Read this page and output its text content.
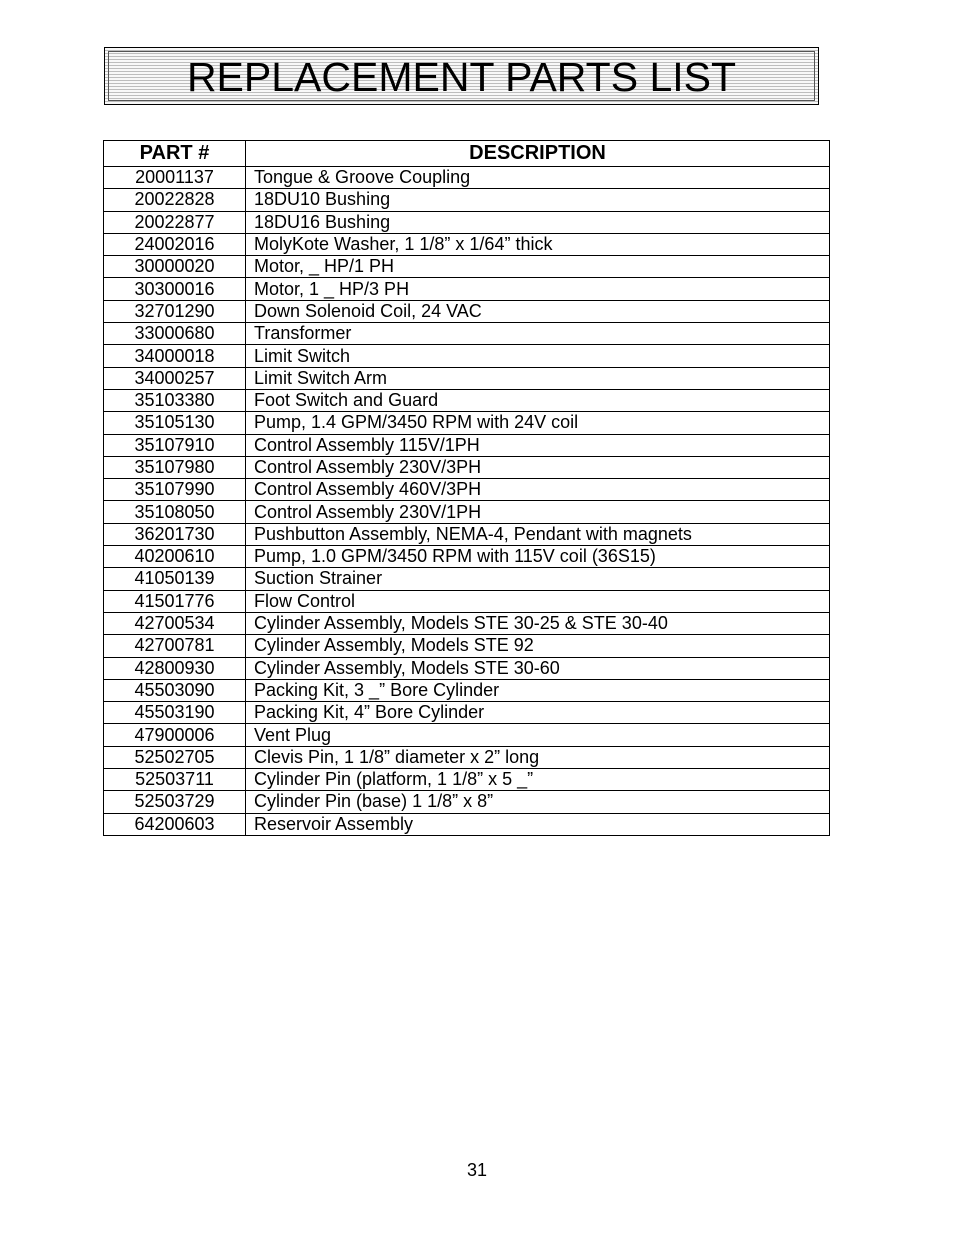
REPLACEMENT PARTS LIST
PART #	DESCRIPTION
20001137	Tongue & Groove Coupling
20022828	18DU10 Bushing
20022877	18DU16 Bushing
24002016	MolyKote Washer, 1 1/8” x 1/64” thick
30000020	Motor, _ HP/1 PH
30300016	Motor, 1 _ HP/3 PH
32701290	Down Solenoid Coil, 24 VAC
33000680	Transformer
34000018	Limit Switch
34000257	Limit Switch Arm
35103380	Foot Switch and Guard
35105130	Pump, 1.4 GPM/3450 RPM with 24V coil
35107910	Control Assembly 115V/1PH
35107980	Control Assembly 230V/3PH
35107990	Control Assembly 460V/3PH
35108050	Control Assembly 230V/1PH
36201730	Pushbutton Assembly, NEMA-4, Pendant with magnets
40200610	Pump, 1.0 GPM/3450 RPM with 115V coil (36S15)
41050139	Suction Strainer
41501776	Flow Control
42700534	Cylinder Assembly, Models STE 30-25 & STE 30-40
42700781	Cylinder Assembly, Models STE 92
42800930	Cylinder Assembly, Models STE 30-60
45503090	Packing Kit, 3 _” Bore Cylinder
45503190	Packing Kit, 4” Bore Cylinder
47900006	Vent Plug
52502705	Clevis Pin, 1 1/8” diameter x 2” long
52503711	Cylinder Pin (platform, 1 1/8” x 5 _”
52503729	Cylinder Pin (base) 1 1/8” x 8”
64200603	Reservoir Assembly
31
